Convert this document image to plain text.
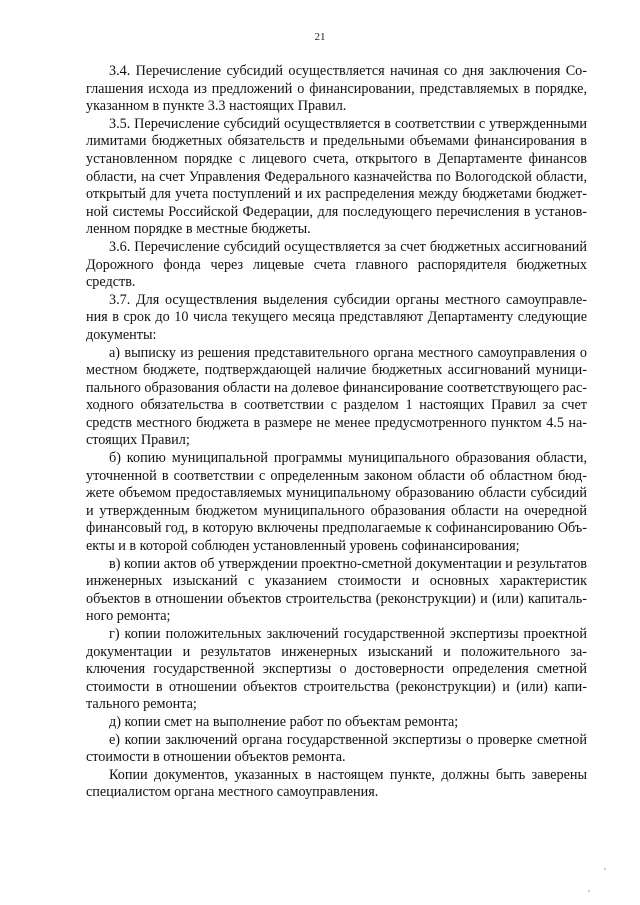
21

3.4. Перечисление субсидий осуществляется начиная со дня заключения Соглашения исхода из предложений о финансировании, представляемых в порядке, указанном в пункте 3.3 настоящих Правил.

3.5. Перечисление субсидий осуществляется в соответствии с утвержденными лимитами бюджетных обязательств и предельными объемами финансирования в установленном порядке с лицевого счета, открытого в Департаменте финансов области, на счет Управления Федерального казначейства по Вологодской области, открытый для учета поступлений и их распределения между бюджетами бюджетной системы Российской Федерации, для последующего перечисления в установленном порядке в местные бюджеты.

3.6. Перечисление субсидий осуществляется за счет бюджетных ассигнований Дорожного фонда через лицевые счета главного распорядителя бюджетных средств.

3.7. Для осуществления выделения субсидии органы местного самоуправления в срок до 10 числа текущего месяца представляют Департаменту следующие документы:

а) выписку из решения представительного органа местного самоуправления о местном бюджете, подтверждающей наличие бюджетных ассигнований муниципального образования области на долевое финансирование соответствующего расходного обязательства в соответствии с разделом 1 настоящих Правил за счет средств местного бюджета в размере не менее предусмотренного пунктом 4.5 настоящих Правил;

б) копию муниципальной программы муниципального образования области, уточненной в соответствии с определенным законом области об областном бюджете объемом предоставляемых муниципальному образованию области субсидий и утвержденным бюджетом муниципального образования области на очередной финансовый год, в которую включены предполагаемые к софинансированию Объекты и в которой соблюден установленный уровень софинансирования;

в) копии актов об утверждении проектно-сметной документации и результатов инженерных изысканий с указанием стоимости и основных характеристик объектов в отношении объектов строительства (реконструкции) и (или) капитального ремонта;

г) копии положительных заключений государственной экспертизы проектной документации и результатов инженерных изысканий и положительного заключения государственной экспертизы о достоверности определения сметной стоимости в отношении объектов строительства (реконструкции) и (или) капитального ремонта;

д) копии смет на выполнение работ по объектам ремонта;

е) копии заключений органа государственной экспертизы о проверке сметной стоимости в отношении объектов ремонта.

Копии документов, указанных в настоящем пункте, должны быть заверены специалистом органа местного самоуправления.
